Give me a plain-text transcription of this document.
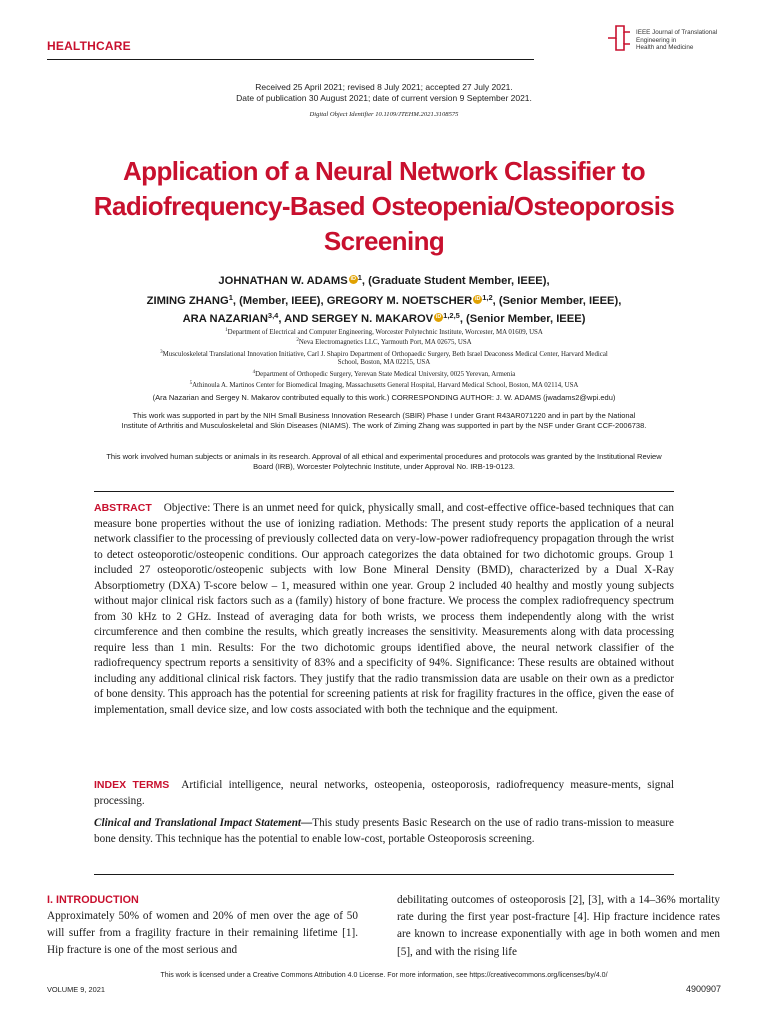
HEALTHCARE
IEEE Journal of Translational
Engineering in
Health and Medicine
Received 25 April 2021; revised 8 July 2021; accepted 27 July 2021.
Date of publication 30 August 2021; date of current version 9 September 2021.
Digital Object Identifier 10.1109/JTEHM.2021.3108575
Application of a Neural Network Classifier to
Radiofrequency-Based Osteopenia/Osteoporosis
Screening
JOHNATHAN W. ADAMS iD $^1$, (Graduate Student Member, IEEE),
ZIMING ZHANG$^1$, (Member, IEEE), GREGORY M. NOETSCHER iD $^{1,2}$, (Senior Member, IEEE),
ARA NAZARIAN$^{3,4}$, AND SERGEY N. MAKAROV iD $^{1,2,5}$, (Senior Member, IEEE)
$^1$Department of Electrical and Computer Engineering, Worcester Polytechnic Institute, Worcester, MA 01609, USA
$^2$Neva Electromagnetics LLC, Yarmouth Port, MA 02675, USA
$^3$Musculoskeletal Translational Innovation Initiative, Carl J. Shapiro Department of Orthopaedic Surgery, Beth Israel Deaconess Medical Center, Harvard Medical
School, Boston, MA 02215, USA
$^4$Department of Orthopedic Surgery, Yerevan State Medical University, 0025 Yerevan, Armenia
$^5$Athinoula A. Martinos Center for Biomedical Imaging, Massachusetts General Hospital, Harvard Medical School, Boston, MA 02114, USA
(Ara Nazarian and Sergey N. Makarov contributed equally to this work.) CORRESPONDING AUTHOR: J. W. ADAMS (jwadams2@wpi.edu)
This work was supported in part by the NIH Small Business Innovation Research (SBIR) Phase I under Grant R43AR071220 and in part by the National Institute of Arthritis and Musculoskeletal and Skin Diseases (NIAMS). The work of Ziming Zhang was supported in part by the NSF under Grant CCF-2006738.
This work involved human subjects or animals in its research. Approval of all ethical and experimental procedures and protocols was granted by the Institutional Review Board (IRB), Worcester Polytechnic Institute, under Approval No. IRB-19-0123.
ABSTRACT Objective: There is an unmet need for quick, physically small, and cost-effective office-based techniques that can measure bone properties without the use of ionizing radiation. Methods: The present study reports the application of a neural network classifier to the processing of previously collected data on very-low-power radiofrequency propagation through the wrist to detect osteoporotic/osteopenic conditions. Our approach categorizes the data obtained for two dichotomic groups. Group 1 included 27 osteoporotic/osteopenic subjects with low Bone Mineral Density (BMD), characterized by a Dual X-Ray Absorptiometry (DXA) T-score below – 1, measured within one year. Group 2 included 40 healthy and mostly young subjects without major clinical risk factors such as a (family) history of bone fracture. We process the complex radiofrequency spectrum from 30 kHz to 2 GHz. Instead of averaging data for both wrists, we process them independently along with the wrist circumference and then combine the results, which greatly increases the sensitivity. Measurements along with data processing require less than 1 min. Results: For the two dichotomic groups identified above, the neural network classifier of the radiofrequency spectrum reports a sensitivity of 83% and a specificity of 94%. Significance: These results are obtained without including any additional clinical risk factors. They justify that the radio transmission data are usable on their own as a predictor of bone density. This approach has the potential for screening patients at risk for fragility fractures in the office, given the ease of implementation, small device size, and low costs associated with both the technique and the equipment.
INDEX TERMS Artificial intelligence, neural networks, osteopenia, osteoporosis, radiofrequency measure-ments, signal processing.
Clinical and Translational Impact Statement—This study presents Basic Research on the use of radio trans-mission to measure bone density. This technique has the potential to enable low-cost, portable Osteoporosis screening.
I. INTRODUCTION
Approximately 50% of women and 20% of men over the age of 50 will suffer from a fragility fracture in their remaining lifetime [1]. Hip fracture is one of the most serious and
debilitating outcomes of osteoporosis [2], [3], with a 14–36% mortality rate during the first year post-fracture [4]. Hip fracture incidence rates are known to increase exponentially with age in both women and men [5], and with the rising life
This work is licensed under a Creative Commons Attribution 4.0 License. For more information, see https://creativecommons.org/licenses/by/4.0/
VOLUME 9, 2021	4900907
